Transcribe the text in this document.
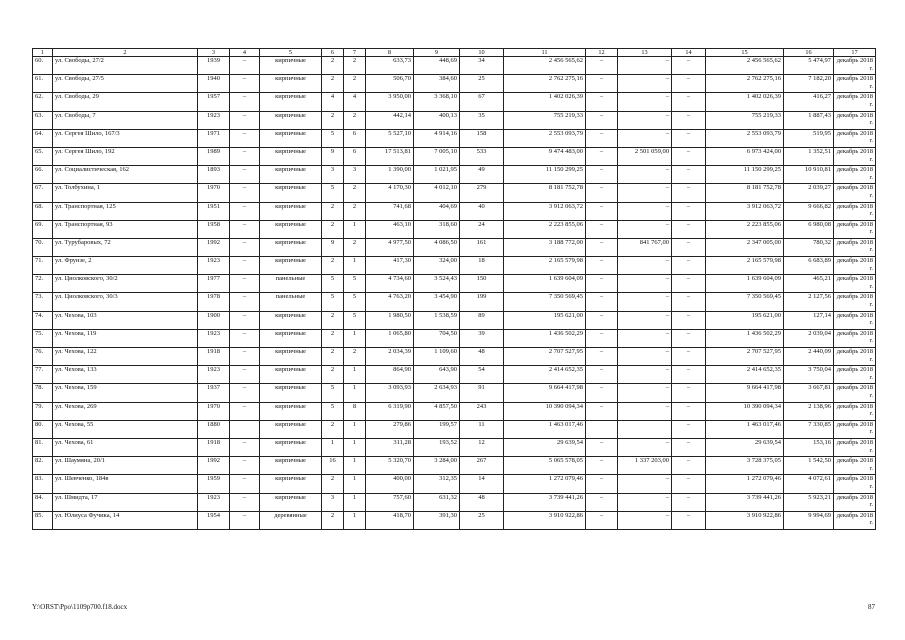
1	2	3	4	5	6	7	8	9	10	11	12	13	14	15	16	17
60.	ул. Свободы, 27/2	1939	–	кирпичные	2	2	633,73	448,69	34	2 456 565,62	–	–	–	2 456 565,62	5 474,97	декабрь 2018 г.
61.	ул. Свободы, 27/5	1940	–	кирпичные	2	2	506,70	384,60	25	2 762 275,16	–	–	–	2 762 275,16	7 182,20	декабрь 2018 г.
62.	ул. Свободы, 29	1957	–	кирпичные	4	4	3 950,00	3 368,10	67	1 402 026,39	–	–	–	1 402 026,39	416,27	декабрь 2018 г.
63.	ул. Свободы, 7	1923	–	кирпичные	2	2	442,14	400,13	35	755 219,33	–	–	–	755 219,33	1 887,43	декабрь 2018 г.
64.	ул. Сергея Шило, 167/3	1971	–	кирпичные	5	6	5 527,10	4 914,16	158	2 553 093,79	–	–	–	2 553 093,79	519,95	декабрь 2018 г.
65.	ул. Сергея Шило, 192	1989	–	кирпичные	9	6	17 513,81	7 005,10	533	9 474 483,00	–	2 501 059,00	–	6 973 424,00	1 352,51	декабрь 2018 г.
66.	ул. Социалистическая, 162	1893	–	кирпичные	3	3	1 390,00	1 021,95	49	11 150 299,25	–	–	–	11 150 299,25	10 910,81	декабрь 2018 г.
67.	ул. Толбухина, 1	1970	–	кирпичные	5	2	4 170,30	4 012,10	279	8 181 752,78	–	–	–	8 181 752,78	2 039,27	декабрь 2018 г.
68.	ул. Транспортная, 125	1951	–	кирпичные	2	2	741,68	404,69	40	3 912 063,72	–	–	–	3 912 063,72	9 666,82	декабрь 2018 г.
69.	ул. Транспортная, 93	1958	–	кирпичные	2	1	463,10	318,60	24	2 223 855,06	–	–	–	2 223 855,06	6 980,08	декабрь 2018 г.
70.	ул. Турубаровых, 72	1992	–	кирпичные	9	2	4 977,50	4 086,50	161	3 188 772,00	–	841 767,00	–	2 347 005,00	780,32	декабрь 2018 г.
71.	ул. Фрунзе, 2	1923	–	кирпичные	2	1	417,30	324,00	18	2 165 579,98	–	–	–	2 165 579,98	6 683,89	декабрь 2018 г.
72.	ул. Циолковского, 30/2	1977	–	панельные	5	5	4 734,60	3 524,43	150	1 639 604,09	–	–	–	1 639 604,09	465,21	декабрь 2018 г.
73.	ул. Циолковского, 30/3	1978	–	панельные	5	5	4 763,20	3 454,90	199	7 350 569,45	–	–	–	7 350 569,45	2 127,56	декабрь 2018 г.
74.	ул. Чехова, 103	1900	–	кирпичные	2	5	1 980,50	1 538,59	89	195 621,00	–	–	–	195 621,00	127,14	декабрь 2018 г.
75.	ул. Чехова, 119	1923	–	кирпичные	2	1	1 065,80	704,50	39	1 436 502,29	–	–	–	1 436 502,29	2 039,04	декабрь 2018 г.
76.	ул. Чехова, 122	1918	–	кирпичные	2	2	2 034,39	1 109,60	48	2 707 527,95	–	–	–	2 707 527,95	2 440,09	декабрь 2018 г.
77.	ул. Чехова, 133	1923	–	кирпичные	2	1	864,90	643,90	54	2 414 652,35	–	–	–	2 414 652,35	3 750,04	декабрь 2018 г.
78.	ул. Чехова, 159	1937	–	кирпичные	5	1	3 093,93	2 634,93	91	9 664 417,98	–	–	–	9 664 417,98	3 667,81	декабрь 2018 г.
79.	ул. Чехова, 269	1970	–	кирпичные	5	8	6 319,90	4 857,50	243	10 390 094,34	–	–	–	10 390 094,34	2 138,96	декабрь 2018 г.
80.	ул. Чехова, 55	1880		кирпичные	2	1	279,86	199,57	11	1 463 017,46			–	1 463 017,46	7 330,85	декабрь 2018 г.
81.	ул. Чехова, 61	1918	–	кирпичные	1	1	311,28	193,52	12	29 639,54	–	–	–	29 639,54	153,16	декабрь 2018 г.
82.	ул. Шаумяна, 20/1	1992	–	кирпичные	16	1	5 320,70	3 284,00	267	5 065 578,05	–	1 337 203,00	–	3 728 375,05	1 542,50	декабрь 2018 г.
83.	ул. Шевченко, 184в	1959	–	кирпичные	2	1	400,00	312,35	14	1 272 079,46	–	–	–	1 272 079,46	4 072,61	декабрь 2018 г.
84.	ул. Шмидта, 17	1923	–	кирпичные	3	1	757,60	631,32	48	3 739 441,26	–	–	–	3 739 441,26	5 923,21	декабрь 2018 г.
85.	ул. Юлиуса Фучика, 14	1954	–	деревянные	2	1	418,70	391,30	25	3 910 922,86	–	–	–	3 910 922,86	9 994,69	декабрь 2018 г.
Y:\ORST\Ppo\1109p700.f18.docx	87
